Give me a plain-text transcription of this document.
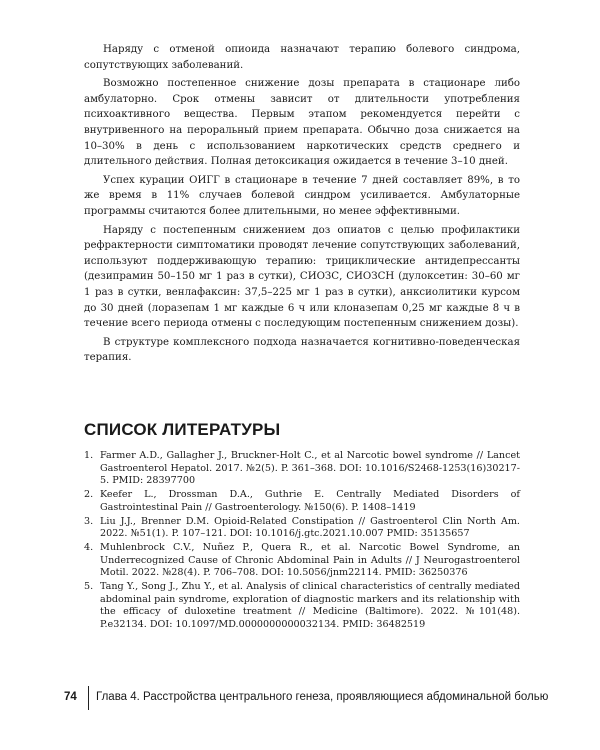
Наряду с отменой опиоида назначают терапию болевого синдрома, сопутствующих заболеваний.

Возможно постепенное снижение дозы препарата в стационаре либо амбулаторно. Срок отмены зависит от длительности употребления психоактивного вещества. Первым этапом рекомендуется перейти с внутривенного на пероральный прием препарата. Обычно доза снижается на 10–30% в день с использованием наркотических средств среднего и длительного действия. Полная детоксикация ожидается в течение 3–10 дней.

Успех курации ОИГГ в стационаре в течение 7 дней составляет 89%, в то же время в 11% случаев болевой синдром усиливается. Амбулаторные программы считаются более длительными, но менее эффективными.

Наряду с постепенным снижением доз опиатов с целью профилактики рефрактерности симптоматики проводят лечение сопутствующих заболеваний, используют поддерживающую терапию: трициклические антидепрессанты (дезипрамин 50–150 мг 1 раз в сутки), СИОЗС, СИОЗСН (дулоксетин: 30–60 мг 1 раз в сутки, венлафаксин: 37,5–225 мг 1 раз в сутки), анксиолитики курсом до 30 дней (лоразепам 1 мг каждые 6 ч или клоназепам 0,25 мг каждые 8 ч в течение всего периода отмены с последующим постепенным снижением дозы).

В структуре комплексного подхода назначается когнитивно-поведенческая терапия.

СПИСОК ЛИТЕРАТУРЫ
1. Farmer A.D., Gallagher J., Bruckner-Holt C., et al Narcotic bowel syndrome // Lancet Gastroenterol Hepatol. 2017. №2(5). P. 361–368. DOI: 10.1016/S2468-1253(16)30217-5. PMID: 28397700
2. Keefer L., Drossman D.A., Guthrie E. Centrally Mediated Disorders of Gastrointestinal Pain // Gastroenterology. №150(6). P. 1408–1419
3. Liu J.J., Brenner D.M. Opioid-Related Constipation // Gastroenterol Clin North Am. 2022. №51(1). P. 107–121. DOI: 10.1016/j.gtc.2021.10.007 PMID: 35135657
4. Muhlenbrock C.V., Nuñez P., Quera R., et al. Narcotic Bowel Syndrome, an Underrecognized Cause of Chronic Abdominal Pain in Adults // J Neurogastroenterol Motil. 2022. №28(4). P. 706–708. DOI: 10.5056/jnm22114. PMID: 36250376
5. Tang Y., Song J., Zhu Y., et al. Analysis of clinical characteristics of centrally mediated abdominal pain syndrome, exploration of diagnostic markers and its relationship with the efficacy of duloxetine treatment // Medicine (Baltimore). 2022. №101(48). P.e32134. DOI: 10.1097/MD.0000000000032134. PMID: 36482519
74 Глава 4. Расстройства центрального генеза, проявляющиеся абдоминальной болью
